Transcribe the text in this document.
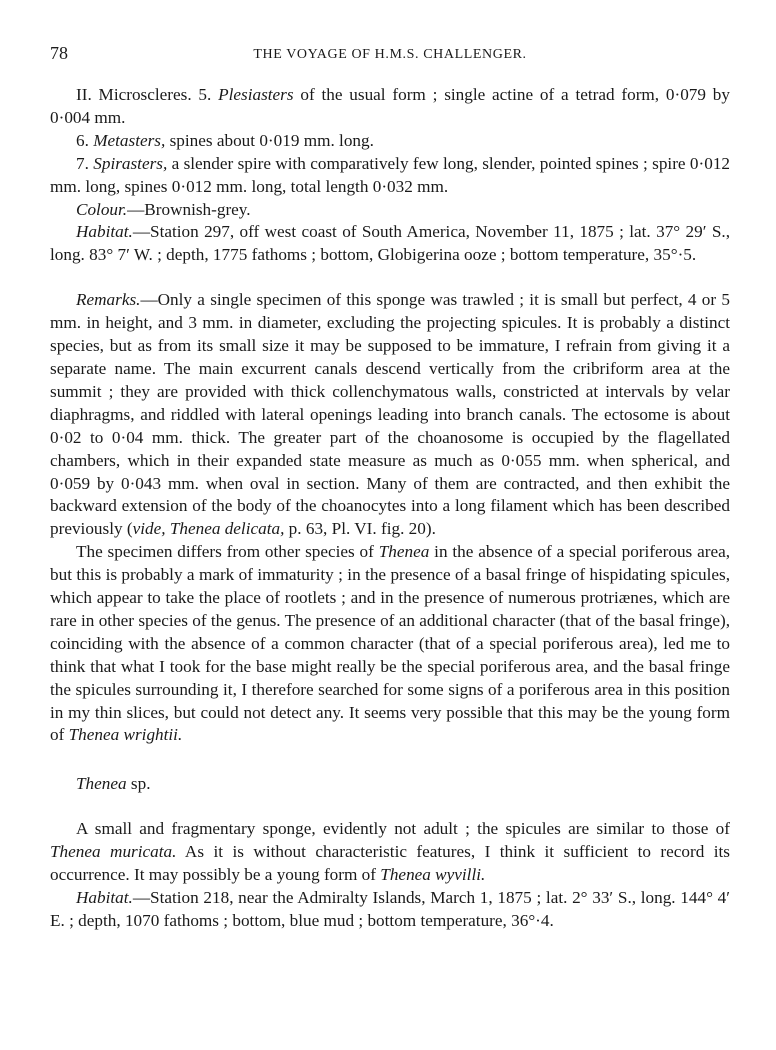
78	THE VOYAGE OF H.M.S. CHALLENGER.

II. Microscleres. 5. Plesiasters of the usual form ; single actine of a tetrad form, 0·079 by 0·004 mm.

6. Metasters, spines about 0·019 mm. long.

7. Spirasters, a slender spire with comparatively few long, slender, pointed spines ; spire 0·012 mm. long, spines 0·012 mm. long, total length 0·032 mm.

Colour.—Brownish-grey.

Habitat.—Station 297, off west coast of South America, November 11, 1875 ; lat. 37° 29′ S., long. 83° 7′ W. ; depth, 1775 fathoms ; bottom, Globigerina ooze ; bottom temperature, 35°·5.

Remarks.—Only a single specimen of this sponge was trawled ; it is small but perfect, 4 or 5 mm. in height, and 3 mm. in diameter, excluding the projecting spicules. It is probably a distinct species, but as from its small size it may be supposed to be immature, I refrain from giving it a separate name. The main excurrent canals descend vertically from the cribriform area at the summit ; they are provided with thick collenchymatous walls, constricted at intervals by velar diaphragms, and riddled with lateral openings leading into branch canals. The ectosome is about 0·02 to 0·04 mm. thick. The greater part of the choanosome is occupied by the flagellated chambers, which in their expanded state measure as much as 0·055 mm. when spherical, and 0·059 by 0·043 mm. when oval in section. Many of them are contracted, and then exhibit the backward extension of the body of the choanocytes into a long filament which has been described previously (vide, Thenea delicata, p. 63, Pl. VI. fig. 20).

The specimen differs from other species of Thenea in the absence of a special poriferous area, but this is probably a mark of immaturity ; in the presence of a basal fringe of hispidating spicules, which appear to take the place of rootlets ; and in the presence of numerous protriænes, which are rare in other species of the genus. The presence of an additional character (that of the basal fringe), coinciding with the absence of a common character (that of a special poriferous area), led me to think that what I took for the base might really be the special poriferous area, and the basal fringe the spicules surrounding it, I therefore searched for some signs of a poriferous area in this position in my thin slices, but could not detect any. It seems very possible that this may be the young form of Thenea wrightii.

Thenea sp.

A small and fragmentary sponge, evidently not adult ; the spicules are similar to those of Thenea muricata. As it is without characteristic features, I think it sufficient to record its occurrence. It may possibly be a young form of Thenea wyvilli.

Habitat.—Station 218, near the Admiralty Islands, March 1, 1875 ; lat. 2° 33′ S., long. 144° 4′ E. ; depth, 1070 fathoms ; bottom, blue mud ; bottom temperature, 36°·4.
